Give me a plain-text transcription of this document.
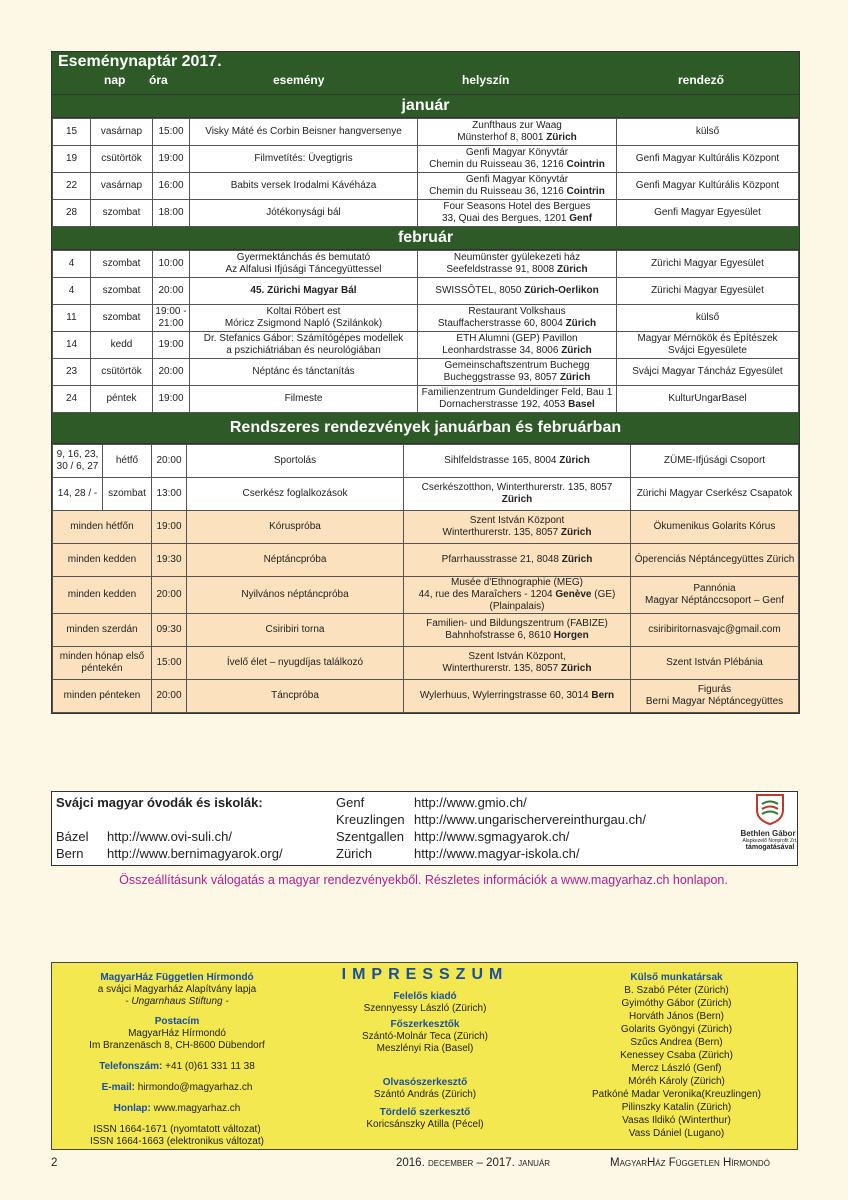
Eseménynaptár 2017.
nap óra	esemény	helyszín	rendező
január
15	vasárnap	15:00	Visky Máté és Corbin Beisner hangversenye	Zunfthaus zur Waag
Münsterhof 8, 8001 Zürich	külső
19	csütörtök	19:00	Filmvetítés: Üvegtigris	Genfi Magyar Könyvtár
Chemin du Ruisseau 36, 1216 Cointrin	Genfi Magyar Kultúrális Központ
22	vasárnap	16:00	Babits versek Irodalmi Kávéháza	Genfi Magyar Könyvtár
Chemin du Ruisseau 36, 1216 Cointrin	Genfi Magyar Kultúrális Központ
28	szombat	18:00	Jótékonysági bál	Four Seasons Hotel des Bergues
33, Quai des Bergues, 1201 Genf	Genfi Magyar Egyesület
február
4	szombat	10:00	Gyermektánchás és bemutató
Az Alfalusi Ifjúsági Táncegyüttessel	Neumünster gyülekezeti ház
Seefeldstrasse 91, 8008 Zürich	Zürichi Magyar Egyesület
4	szombat	20:00	45. Zürichi Magyar Bál	SWISSÔTEL, 8050 Zürich-Oerlikon	Zürichi Magyar Egyesület
11	szombat	19:00 - 21:00	Koltai Róbert est
Móricz Zsigmond Napló (Szilánkok)	Restaurant Volkshaus
Stauffacherstrasse 60, 8004 Zürich	külső
14	kedd	19:00	Dr. Stefanics Gábor: Számítógépes modellek
a pszichiátriában és neurológiában	ETH Alumni (GEP) Pavillon
Leonhardstrasse 34, 8006 Zürich	Magyar Mérnökök és Építészek
Svájci Egyesülete
23	csütörtök	20:00	Néptánc és tánctanítás	Gemeinschaftszentrum Buchegg
Bucheggstrasse 93, 8057 Zürich	Svájci Magyar Táncház Egyesület
24	péntek	19:00	Filmeste	Familienzentrum Gundeldinger Feld, Bau 1
Dornacherstrasse 192, 4053 Basel	KulturUngarBasel
Rendszeres rendezvények januárban és februárban
9, 16, 23, 30 / 6, 27	hétfő	20:00	Sportolás	Sihlfeldstrasse 165, 8004 Zürich	ZÜME-Ifjúsági Csoport
14, 28 / -	szombat	13:00	Cserkész foglalkozások	Cserkészotthon, Winterthurerstr. 135, 8057 Zürich	Zürichi Magyar Cserkész Csapatok
minden hétfőn		19:00	Kóruspróba	Szent István Központ
Winterthurerstr. 135, 8057 Zürich	Ökumenikus Golarits Kórus
minden kedden		19:30	Néptáncpróba	Pfarrhausstrasse 21, 8048 Zürich	Óperenciás Néptáncegyüttes Zürich
minden kedden		20:00	Nyilvános néptáncpróba	Musée d'Ethnographie (MEG)
44, rue des Maraîchers - 1204 Genève (GE) (Plainpalais)	Pannónia
Magyar Néptánccsoport – Genf
minden szerdán		09:30	Csiribiri torna	Familien- und Bildungszentrum (FABIZE)
Bahnhofstrasse 6, 8610 Horgen	csiribiritornasvajc@gmail.com
minden hónap első péntekén		15:00	Ívelő élet – nyugdíjas találkozó	Szent István Központ,
Winterthurerstr. 135, 8057 Zürich	Szent István Plébánia
minden pénteken		20:00	Táncpróba	Wylerhuus, Wylerringstrasse 60, 3014 Bern	Figurás
Berni Magyar Néptáncegyüttes
Svájci magyar óvodák és iskolák:	Genf	http://www.gmio.ch/
Kreuzlingen http://www.ungarischervereinthurgau.ch/
Bázel http://www.ovi-suli.ch/	Szentgallen http://www.sgmagyarok.ch/
Bern http://www.bernimagyarok.org/	Zürich	http://www.magyar-iskola.ch/
Bethlen Gábor
Alapkezelő Nonprofit Zrt.
támogatásával
Összeállításunk válogatás a magyar rendezvényekből. Részletes információk a www.magyarhaz.ch honlapon.
MagyarHáz Független Hírmondó
a svájci Magyarház Alapítvány lapja
- Ungarnhaus Stiftung -
Postacím
MagyarHáz Hírmondó
Im Branzenäsch 8, CH-8600 Dübendorf
Telefonszám: +41 (0)61 331 11 38
E-mail: hirmondo@magyarhaz.ch
Honlap: www.magyarhaz.ch
ISSN 1664-1671 (nyomtatott változat)
ISSN 1664-1663 (elektronikus változat)
IMPRESSZUM
Felelős kiadó
Szennyessy László (Zürich)
Főszerkesztők
Szántó-Molnár Teca (Zürich)
Meszlényi Ria (Basel)
Olvasószerkesztő
Szántó András (Zürich)
Tördelő szerkesztő
Koricsánszky Atilla (Pécel)
Külső munkatársak
B. Szabó Péter (Zürich)
Gyimóthy Gábor (Zürich)
Horváth János (Bern)
Golarits Gyöngyi (Zürich)
Szűcs Andrea (Bern)
Kenessey Csaba (Zürich)
Mercz László (Genf)
Móréh Károly (Zürich)
Patkóné Madar Veronika(Kreuzlingen)
Pilinszky Katalin (Zürich)
Vasas Ildikó (Winterthur)
Vass Dániel (Lugano)
2	2016. december – 2017. január	MagyarHáz Független Hírmondó
